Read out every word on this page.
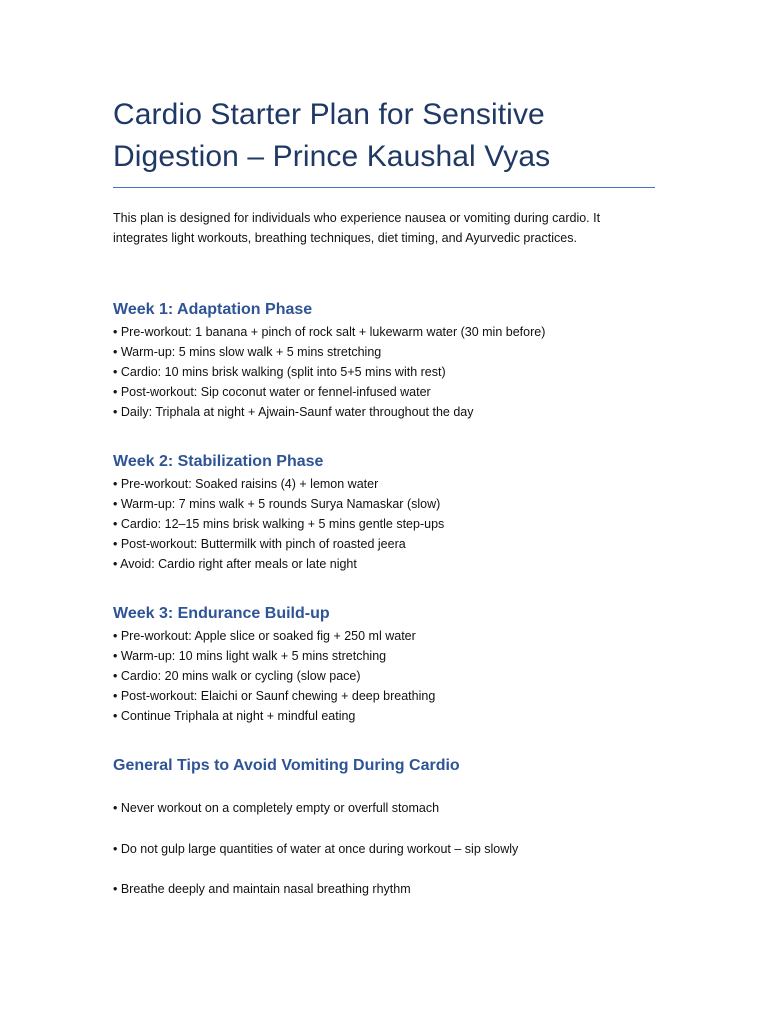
Cardio Starter Plan for Sensitive
Digestion – Prince Kaushal Vyas

This plan is designed for individuals who experience nausea or vomiting during cardio. It integrates light workouts, breathing techniques, diet timing, and Ayurvedic practices.

Week 1: Adaptation Phase
• Pre-workout: 1 banana + pinch of rock salt + lukewarm water (30 min before)
• Warm-up: 5 mins slow walk + 5 mins stretching
• Cardio: 10 mins brisk walking (split into 5+5 mins with rest)
• Post-workout: Sip coconut water or fennel-infused water
• Daily: Triphala at night + Ajwain-Saunf water throughout the day
Week 2: Stabilization Phase
• Pre-workout: Soaked raisins (4) + lemon water
• Warm-up: 7 mins walk + 5 rounds Surya Namaskar (slow)
• Cardio: 12–15 mins brisk walking + 5 mins gentle step-ups
• Post-workout: Buttermilk with pinch of roasted jeera
• Avoid: Cardio right after meals or late night
Week 3: Endurance Build-up
• Pre-workout: Apple slice or soaked fig + 250 ml water
• Warm-up: 10 mins light walk + 5 mins stretching
• Cardio: 20 mins walk or cycling (slow pace)
• Post-workout: Elaichi or Saunf chewing + deep breathing
• Continue Triphala at night + mindful eating
General Tips to Avoid Vomiting During Cardio
• Never workout on a completely empty or overfull stomach
• Do not gulp large quantities of water at once during workout – sip slowly
• Breathe deeply and maintain nasal breathing rhythm
